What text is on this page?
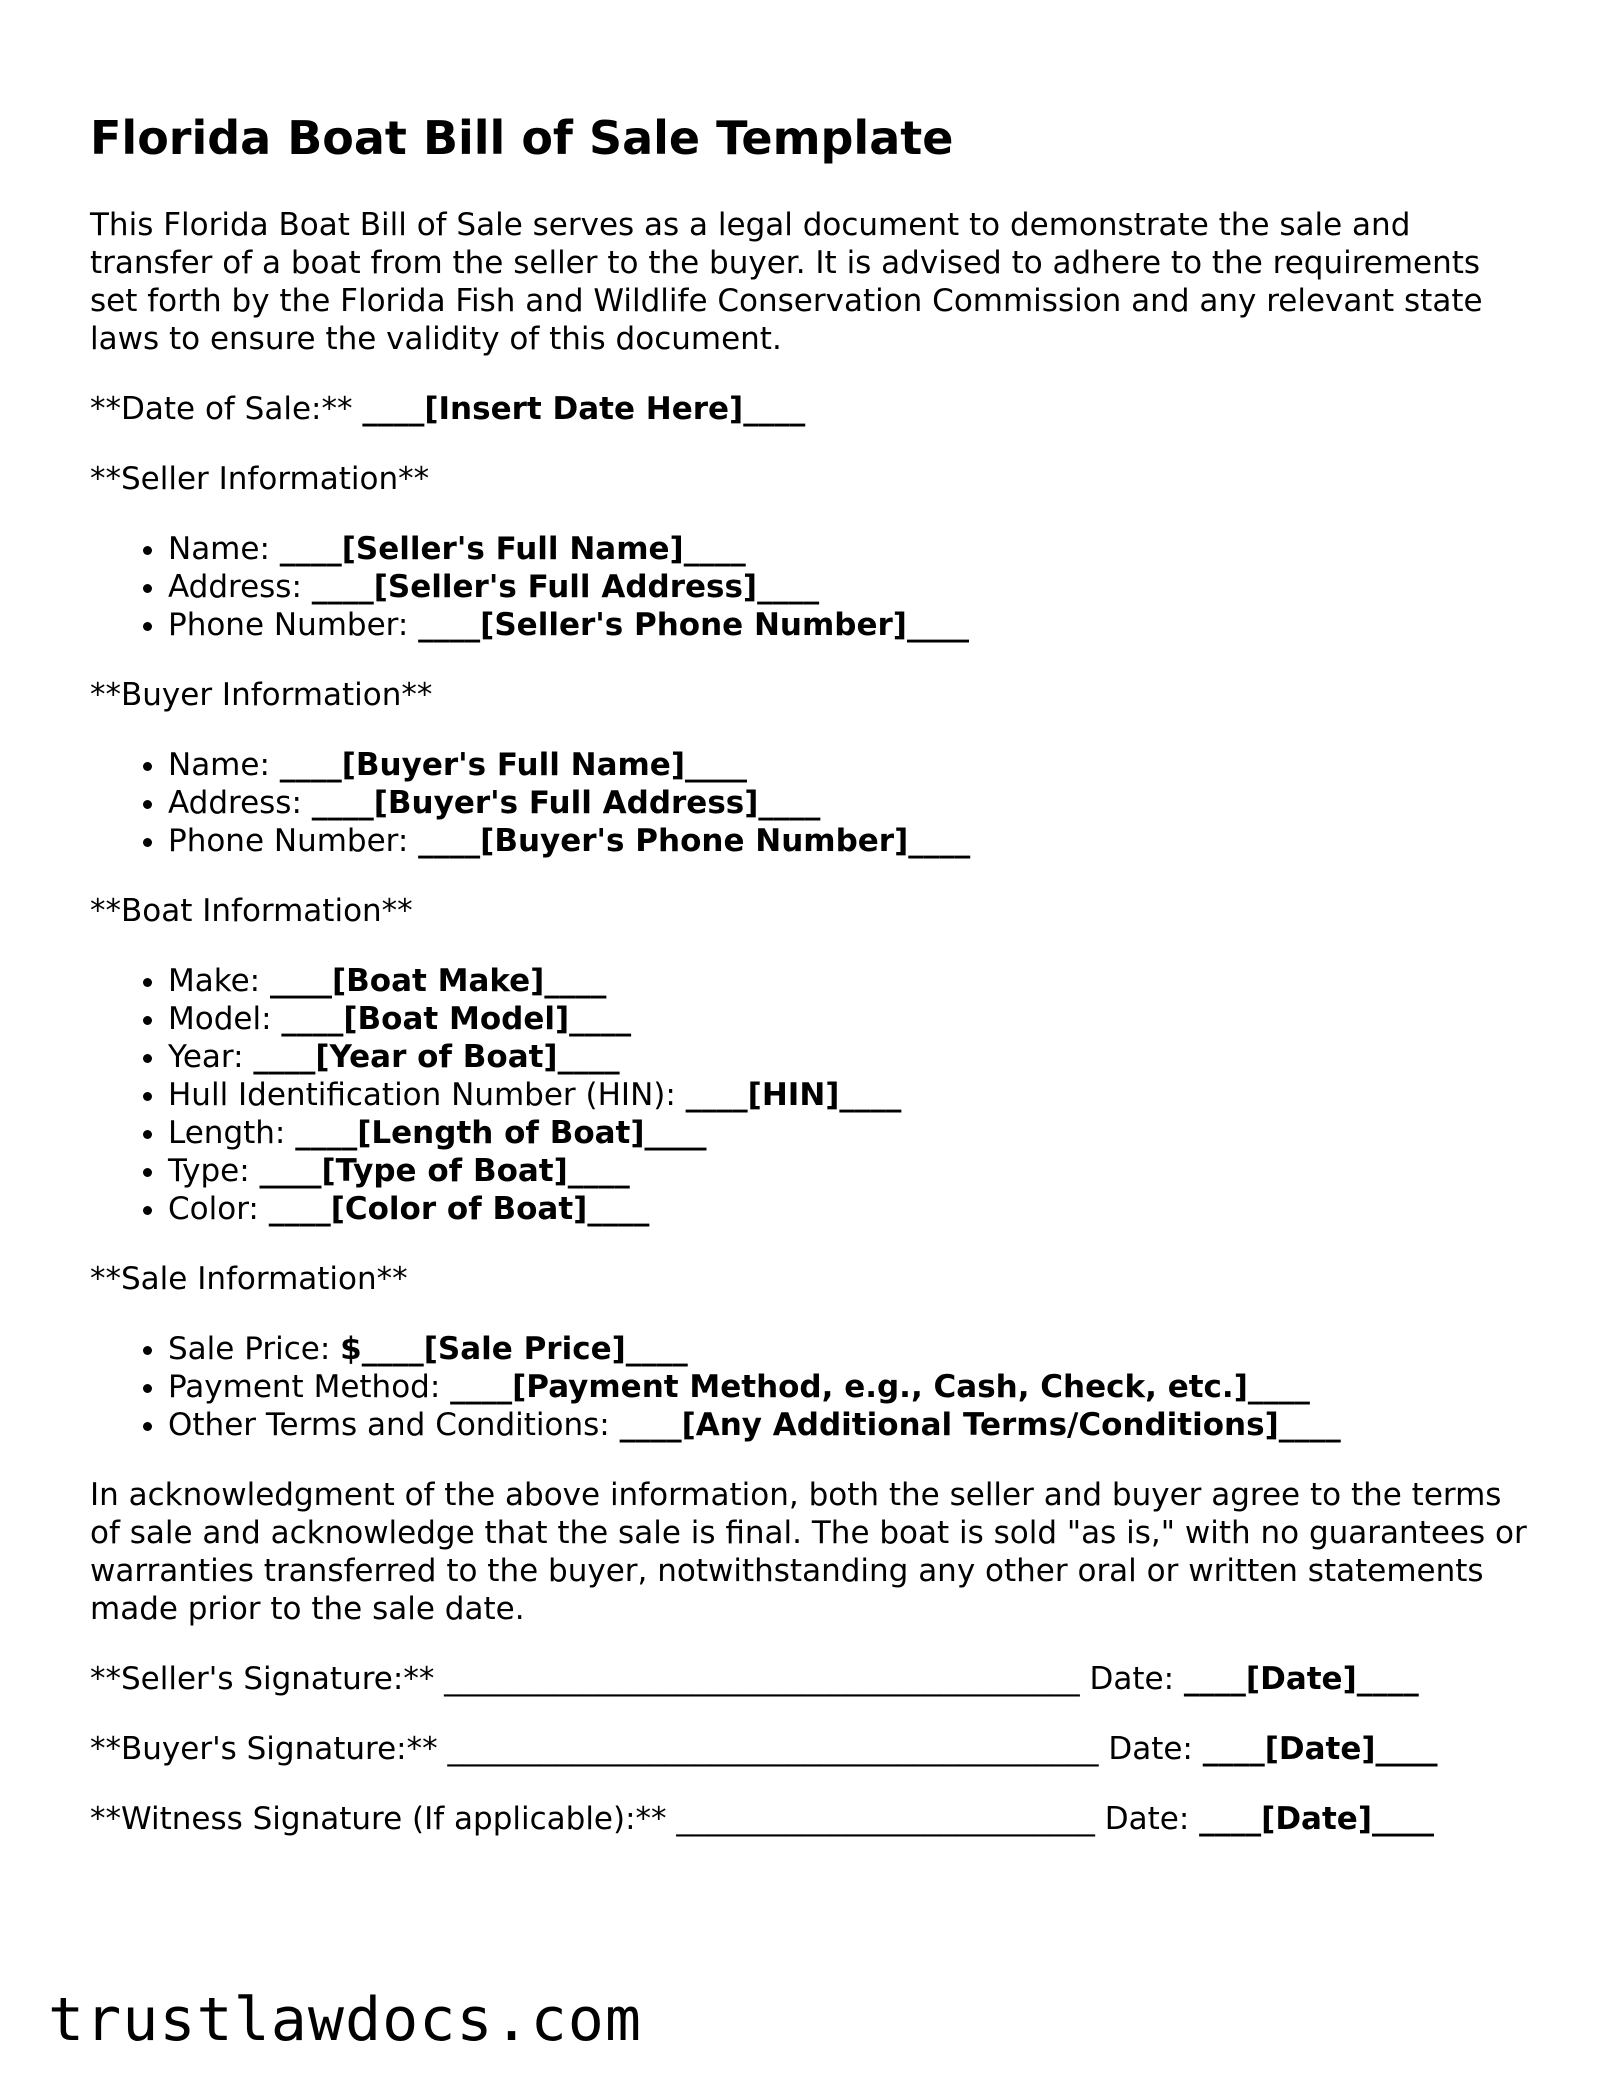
Florida Boat Bill of Sale Template

This Florida Boat Bill of Sale serves as a legal document to demonstrate the sale and transfer of a boat from the seller to the buyer. It is advised to adhere to the requirements set forth by the Florida Fish and Wildlife Conservation Commission and any relevant state laws to ensure the validity of this document.

**Date of Sale:** ____[Insert Date Here]____
**Seller Information**
• Name: ____[Seller's Full Name]____
• Address: ____[Seller's Full Address]____
• Phone Number: ____[Seller's Phone Number]____
**Buyer Information**
• Name: ____[Buyer's Full Name]____
• Address: ____[Buyer's Full Address]____
• Phone Number: ____[Buyer's Phone Number]____
**Boat Information**
• Make: ____[Boat Make]____
• Model: ____[Boat Model]____
• Year: ____[Year of Boat]____
• Hull Identification Number (HIN): ____[HIN]____
• Length: ____[Length of Boat]____
• Type: ____[Type of Boat]____
• Color: ____[Color of Boat]____
**Sale Information**
• Sale Price: $____[Sale Price]____
• Payment Method: ____[Payment Method, e.g., Cash, Check, etc.]____
• Other Terms and Conditions: ____[Any Additional Terms/Conditions]____

In acknowledgment of the above information, both the seller and buyer agree to the terms of sale and acknowledge that the sale is final. The boat is sold "as is," with no guarantees or warranties transferred to the buyer, notwithstanding any other oral or written statements made prior to the sale date.

**Seller's Signature:** _________________________________________ Date: ____[Date]____
**Buyer's Signature:** __________________________________________ Date: ____[Date]____
**Witness Signature (If applicable):** ___________________________ Date: ____[Date]____
trustlawdocs.com
